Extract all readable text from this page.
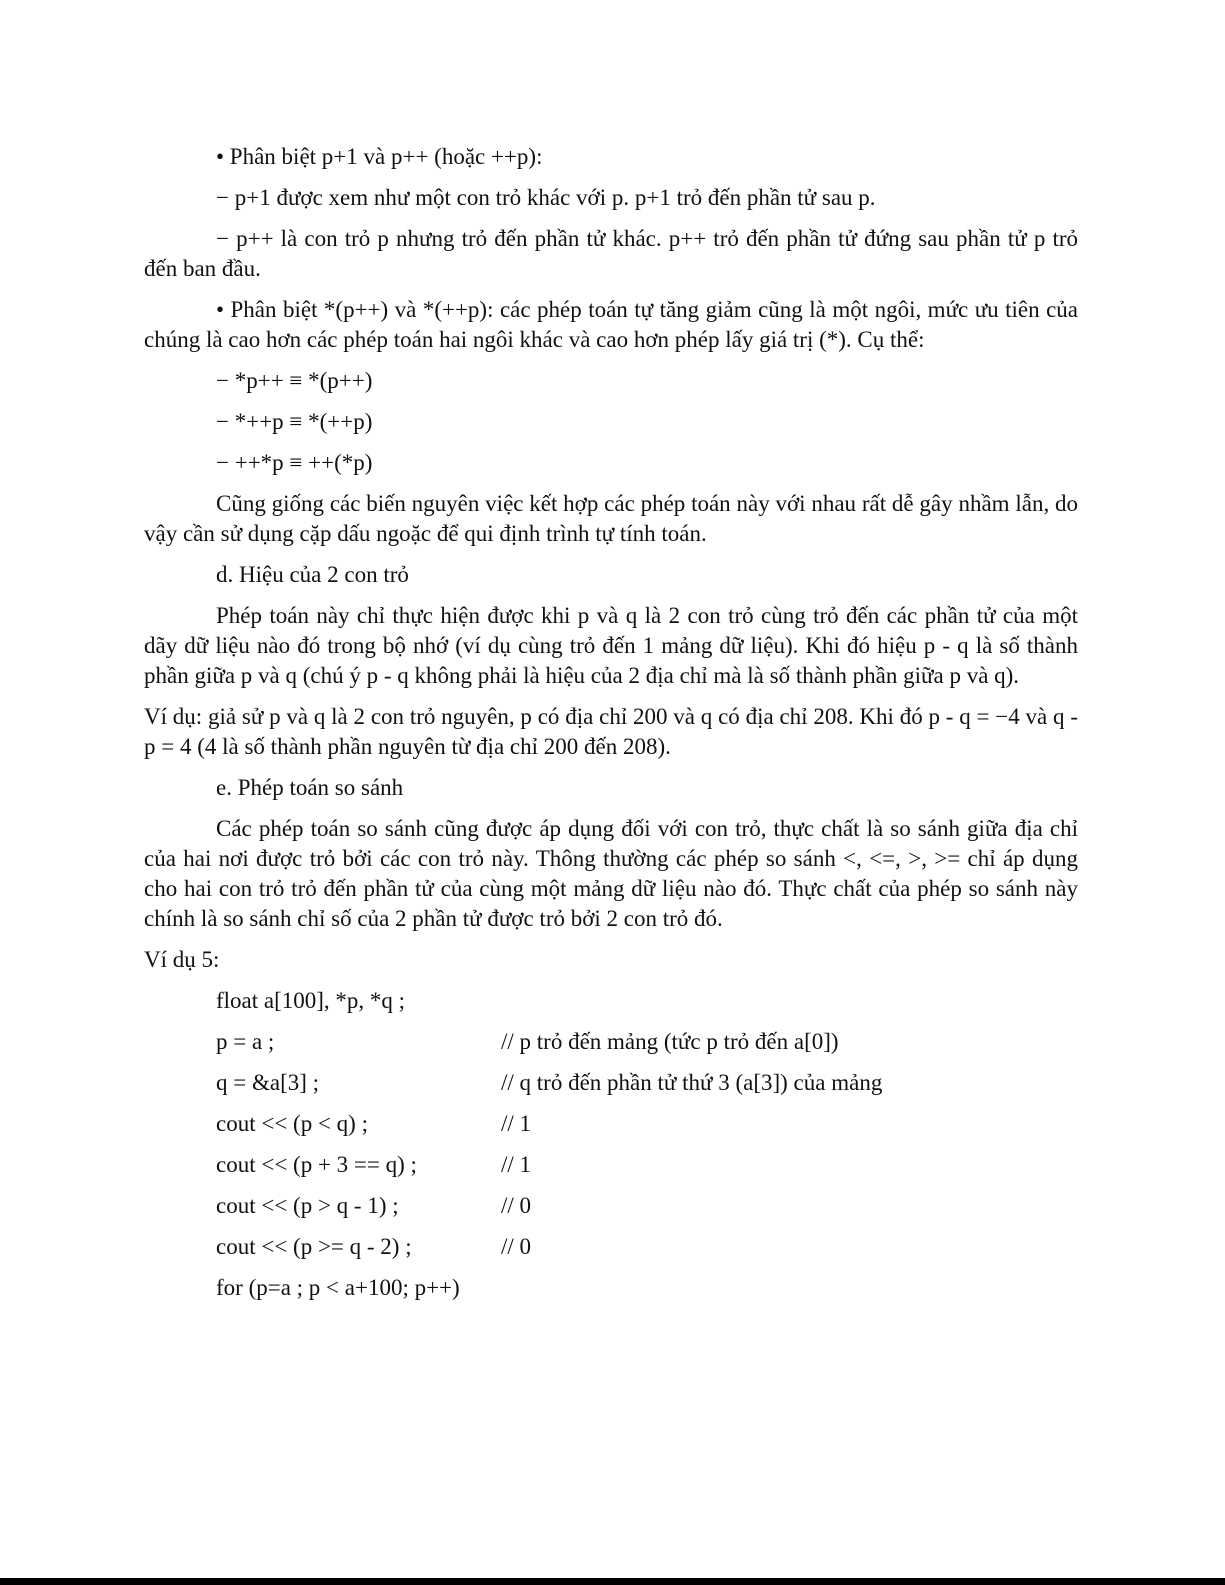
• Phân biệt p+1 và p++ (hoặc ++p):

− p+1 được xem như một con trỏ khác với p. p+1 trỏ đến phần tử sau p.

− p++ là con trỏ p nhưng trỏ đến phần tử khác. p++ trỏ đến phần tử đứng sau phần tử p trỏ đến ban đầu.

• Phân biệt *(p++) và *(++p): các phép toán tự tăng giảm cũng là một ngôi, mức ưu tiên của chúng là cao hơn các phép toán hai ngôi khác và cao hơn phép lấy giá trị (*). Cụ thể:

− *p++ ≡ *(p++)

− *++p ≡ *(++p)

− ++*p ≡ ++(*p)

Cũng giống các biến nguyên việc kết hợp các phép toán này với nhau rất dễ gây nhầm lẫn, do vậy cần sử dụng cặp dấu ngoặc để qui định trình tự tính toán.

d. Hiệu của 2 con trỏ

Phép toán này chỉ thực hiện được khi p và q là 2 con trỏ cùng trỏ đến các phần tử của một dãy dữ liệu nào đó trong bộ nhớ (ví dụ cùng trỏ đến 1 mảng dữ liệu). Khi đó hiệu p - q là số thành phần giữa p và q (chú ý p - q không phải là hiệu của 2 địa chỉ mà là số thành phần giữa p và q).

Ví dụ: giả sử p và q là 2 con trỏ nguyên, p có địa chỉ 200 và q có địa chỉ 208. Khi đó p - q = −4 và q - p = 4 (4 là số thành phần nguyên từ địa chỉ 200 đến 208).

e. Phép toán so sánh

Các phép toán so sánh cũng được áp dụng đối với con trỏ, thực chất là so sánh giữa địa chỉ của hai nơi được trỏ bởi các con trỏ này. Thông thường các phép so sánh <, <=, >, >= chỉ áp dụng cho hai con trỏ trỏ đến phần tử của cùng một mảng dữ liệu nào đó. Thực chất của phép so sánh này chính là so sánh chỉ số của 2 phần tử được trỏ bởi 2 con trỏ đó.

Ví dụ 5:

float a[100], *p, *q ;
p = a ;	// p trỏ đến mảng (tức p trỏ đến a[0])
q = &a[3] ;	// q trỏ đến phần tử thứ 3 (a[3]) của mảng
cout << (p < q) ;	// 1
cout << (p + 3 == q) ;	// 1
cout << (p > q - 1) ;	// 0
cout << (p >= q - 2) ;	// 0
for (p=a ; p < a+100; p++)
